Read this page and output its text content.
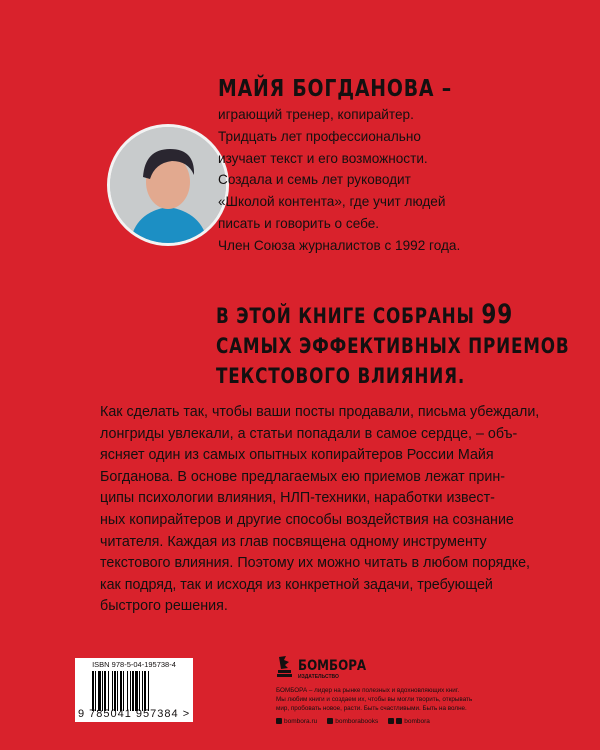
МАЙЯ БОГДАНОВА –
играющий тренер, копирайтер.
Тридцать лет профессионально
изучает текст и его возможности.
Создала и семь лет руководит
«Школой контента», где учит людей
писать и говорить о себе.
Член Союза журналистов с 1992 года.
В ЭТОЙ КНИГЕ СОБРАНЫ 99
САМЫХ ЭФФЕКТИВНЫХ ПРИЕМОВ
ТЕКСТОВОГО ВЛИЯНИЯ.
Как сделать так, чтобы ваши посты продавали, письма убеждали,
лонгриды увлекали, а статьи попадали в самое сердце, – объ-
ясняет один из самых опытных копирайтеров России Майя
Богданова. В основе предлагаемых ею приемов лежат прин-
ципы психологии влияния, НЛП-техники, наработки извест-
ных копирайтеров и другие способы воздействия на сознание
читателя. Каждая из глав посвящена одному инструменту
текстового влияния. Поэтому их можно читать в любом порядке,
как подряд, так и исходя из конкретной задачи, требующей
быстрого решения.
ISBN 978-5-04-195738-4
9 785041 957384 >
БОМБОРА
ИЗДАТЕЛЬСТВО
БОМБОРА – лидер на рынке полезных и вдохновляющих книг.
Мы любим книги и создаем их, чтобы вы могли творить, открывать
мир, пробовать новое, расти. Быть счастливыми. Быть на волне.
bombora.ru	bomborabooks	bombora
